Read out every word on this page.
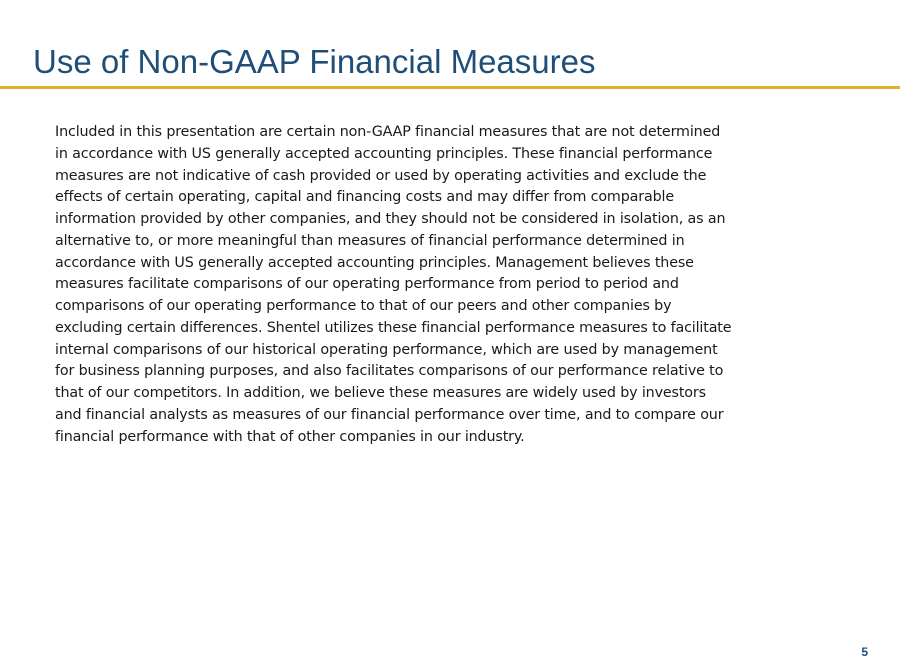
Use of Non-GAAP Financial Measures

Included in this presentation are certain non-GAAP financial measures that are not determined
in accordance with US generally accepted accounting principles. These financial performance
measures are not indicative of cash provided or used by operating activities and exclude the
effects of certain operating, capital and financing costs and may differ from comparable
information provided by other companies, and they should not be considered in isolation, as an
alternative to, or more meaningful than measures of financial performance determined in
accordance with US generally accepted accounting principles. Management believes these
measures facilitate comparisons of our operating performance from period to period and
comparisons of our operating performance to that of our peers and other companies by
excluding certain differences. Shentel utilizes these financial performance measures to facilitate
internal comparisons of our historical operating performance, which are used by management
for business planning purposes, and also facilitates comparisons of our performance relative to
that of our competitors. In addition, we believe these measures are widely used by investors
and financial analysts as measures of our financial performance over time, and to compare our
financial performance with that of other companies in our industry.

5
